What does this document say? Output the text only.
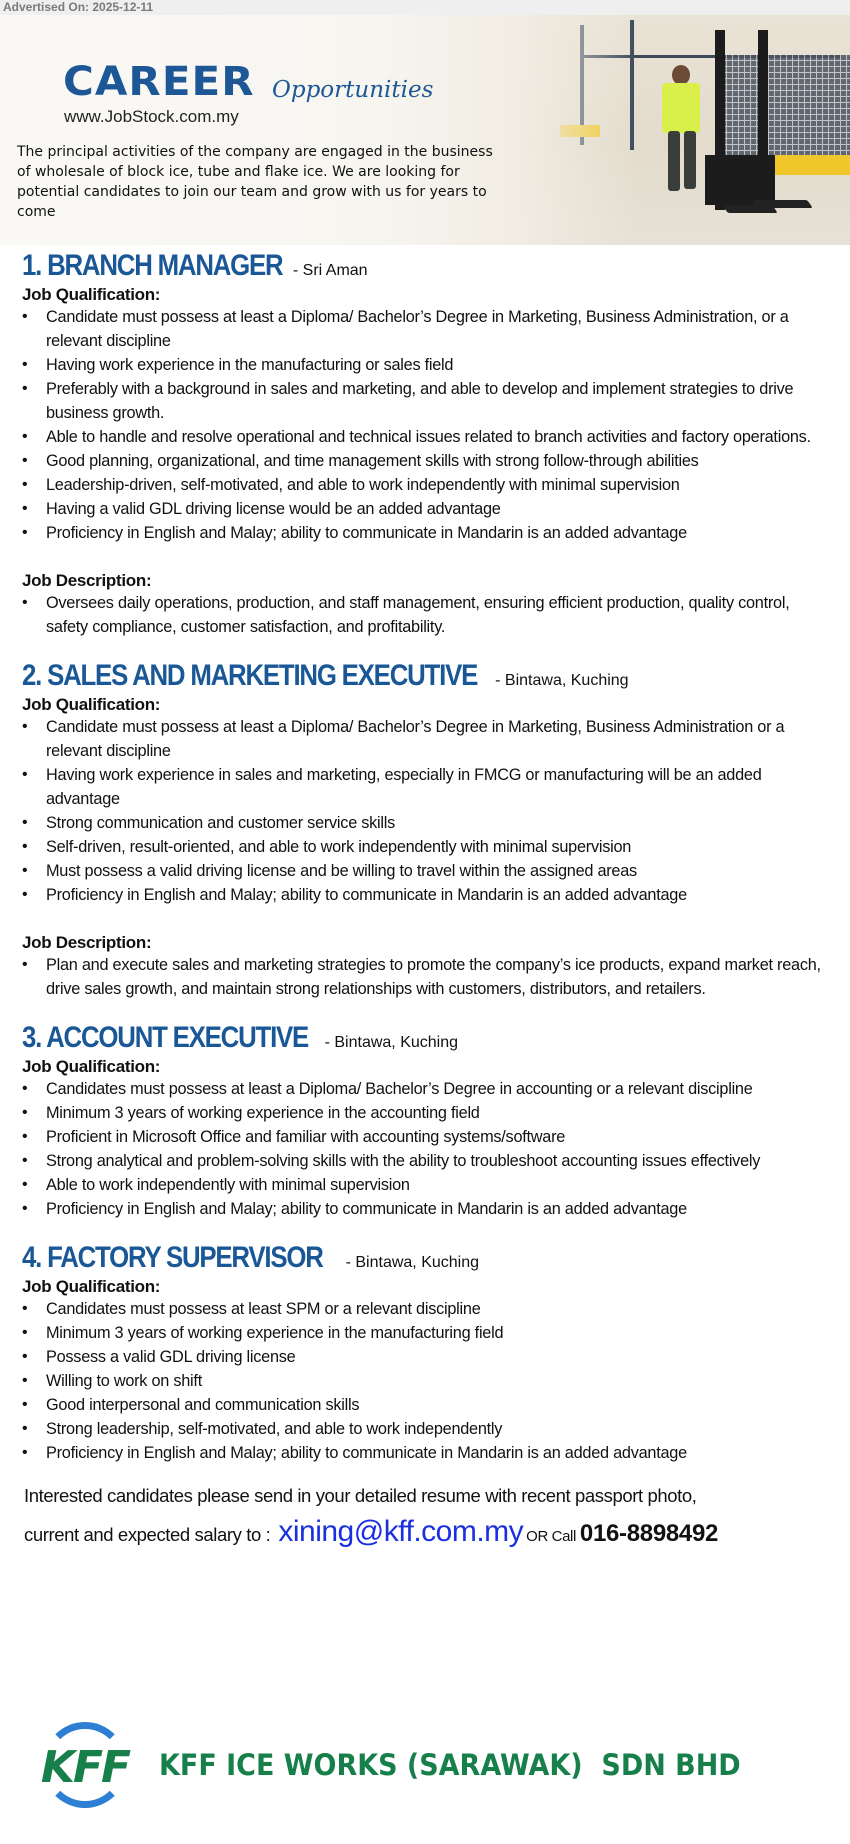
Advertised On: 2025-12-11
CAREER Opportunities
www.JobStock.com.my
The principal activities of the company are engaged in the business of wholesale of block ice, tube and flake ice. We are looking for potential candidates to join our team and grow with us for years to come
1. BRANCH MANAGER - Sri Aman
Job Qualification:
• Candidate must possess at least a Diploma/ Bachelor’s Degree in Marketing, Business Administration, or a relevant discipline
• Having work experience in the manufacturing or sales field
• Preferably with a background in sales and marketing, and able to develop and implement strategies to drive business growth.
• Able to handle and resolve operational and technical issues related to branch activities and factory operations.
• Good planning, organizational, and time management skills with strong follow-through abilities
• Leadership-driven, self-motivated, and able to work independently with minimal supervision
• Having a valid GDL driving license would be an added advantage
• Proficiency in English and Malay; ability to communicate in Mandarin is an added advantage
Job Description:
• Oversees daily operations, production, and staff management, ensuring efficient production, quality control, safety compliance, customer satisfaction, and profitability.
2. SALES AND MARKETING EXECUTIVE - Bintawa, Kuching
Job Qualification:
• Candidate must possess at least a Diploma/ Bachelor’s Degree in Marketing, Business Administration or a relevant discipline
• Having work experience in sales and marketing, especially in FMCG or manufacturing will be an added advantage
• Strong communication and customer service skills
• Self-driven, result-oriented, and able to work independently with minimal supervision
• Must possess a valid driving license and be willing to travel within the assigned areas
• Proficiency in English and Malay; ability to communicate in Mandarin is an added advantage
Job Description:
• Plan and execute sales and marketing strategies to promote the company’s ice products, expand market reach, drive sales growth, and maintain strong relationships with customers, distributors, and retailers.
3. ACCOUNT EXECUTIVE - Bintawa, Kuching
Job Qualification:
• Candidates must possess at least a Diploma/ Bachelor’s Degree in accounting or a relevant discipline
• Minimum 3 years of working experience in the accounting field
• Proficient in Microsoft Office and familiar with accounting systems/software
• Strong analytical and problem-solving skills with the ability to troubleshoot accounting issues effectively
• Able to work independently with minimal supervision
• Proficiency in English and Malay; ability to communicate in Mandarin is an added advantage
4. FACTORY SUPERVISOR - Bintawa, Kuching
Job Qualification:
• Candidates must possess at least SPM or a relevant discipline
• Minimum 3 years of working experience in the manufacturing field
• Possess a valid GDL driving license
• Willing to work on shift
• Good interpersonal and communication skills
• Strong leadership, self-motivated, and able to work independently
• Proficiency in English and Malay; ability to communicate in Mandarin is an added advantage
Interested candidates please send in your detailed resume with recent passport photo,
current and expected salary to : xining@kff.com.my OR Call 016-8898492
KFF	KFF ICE WORKS (SARAWAK)  SDN BHD
